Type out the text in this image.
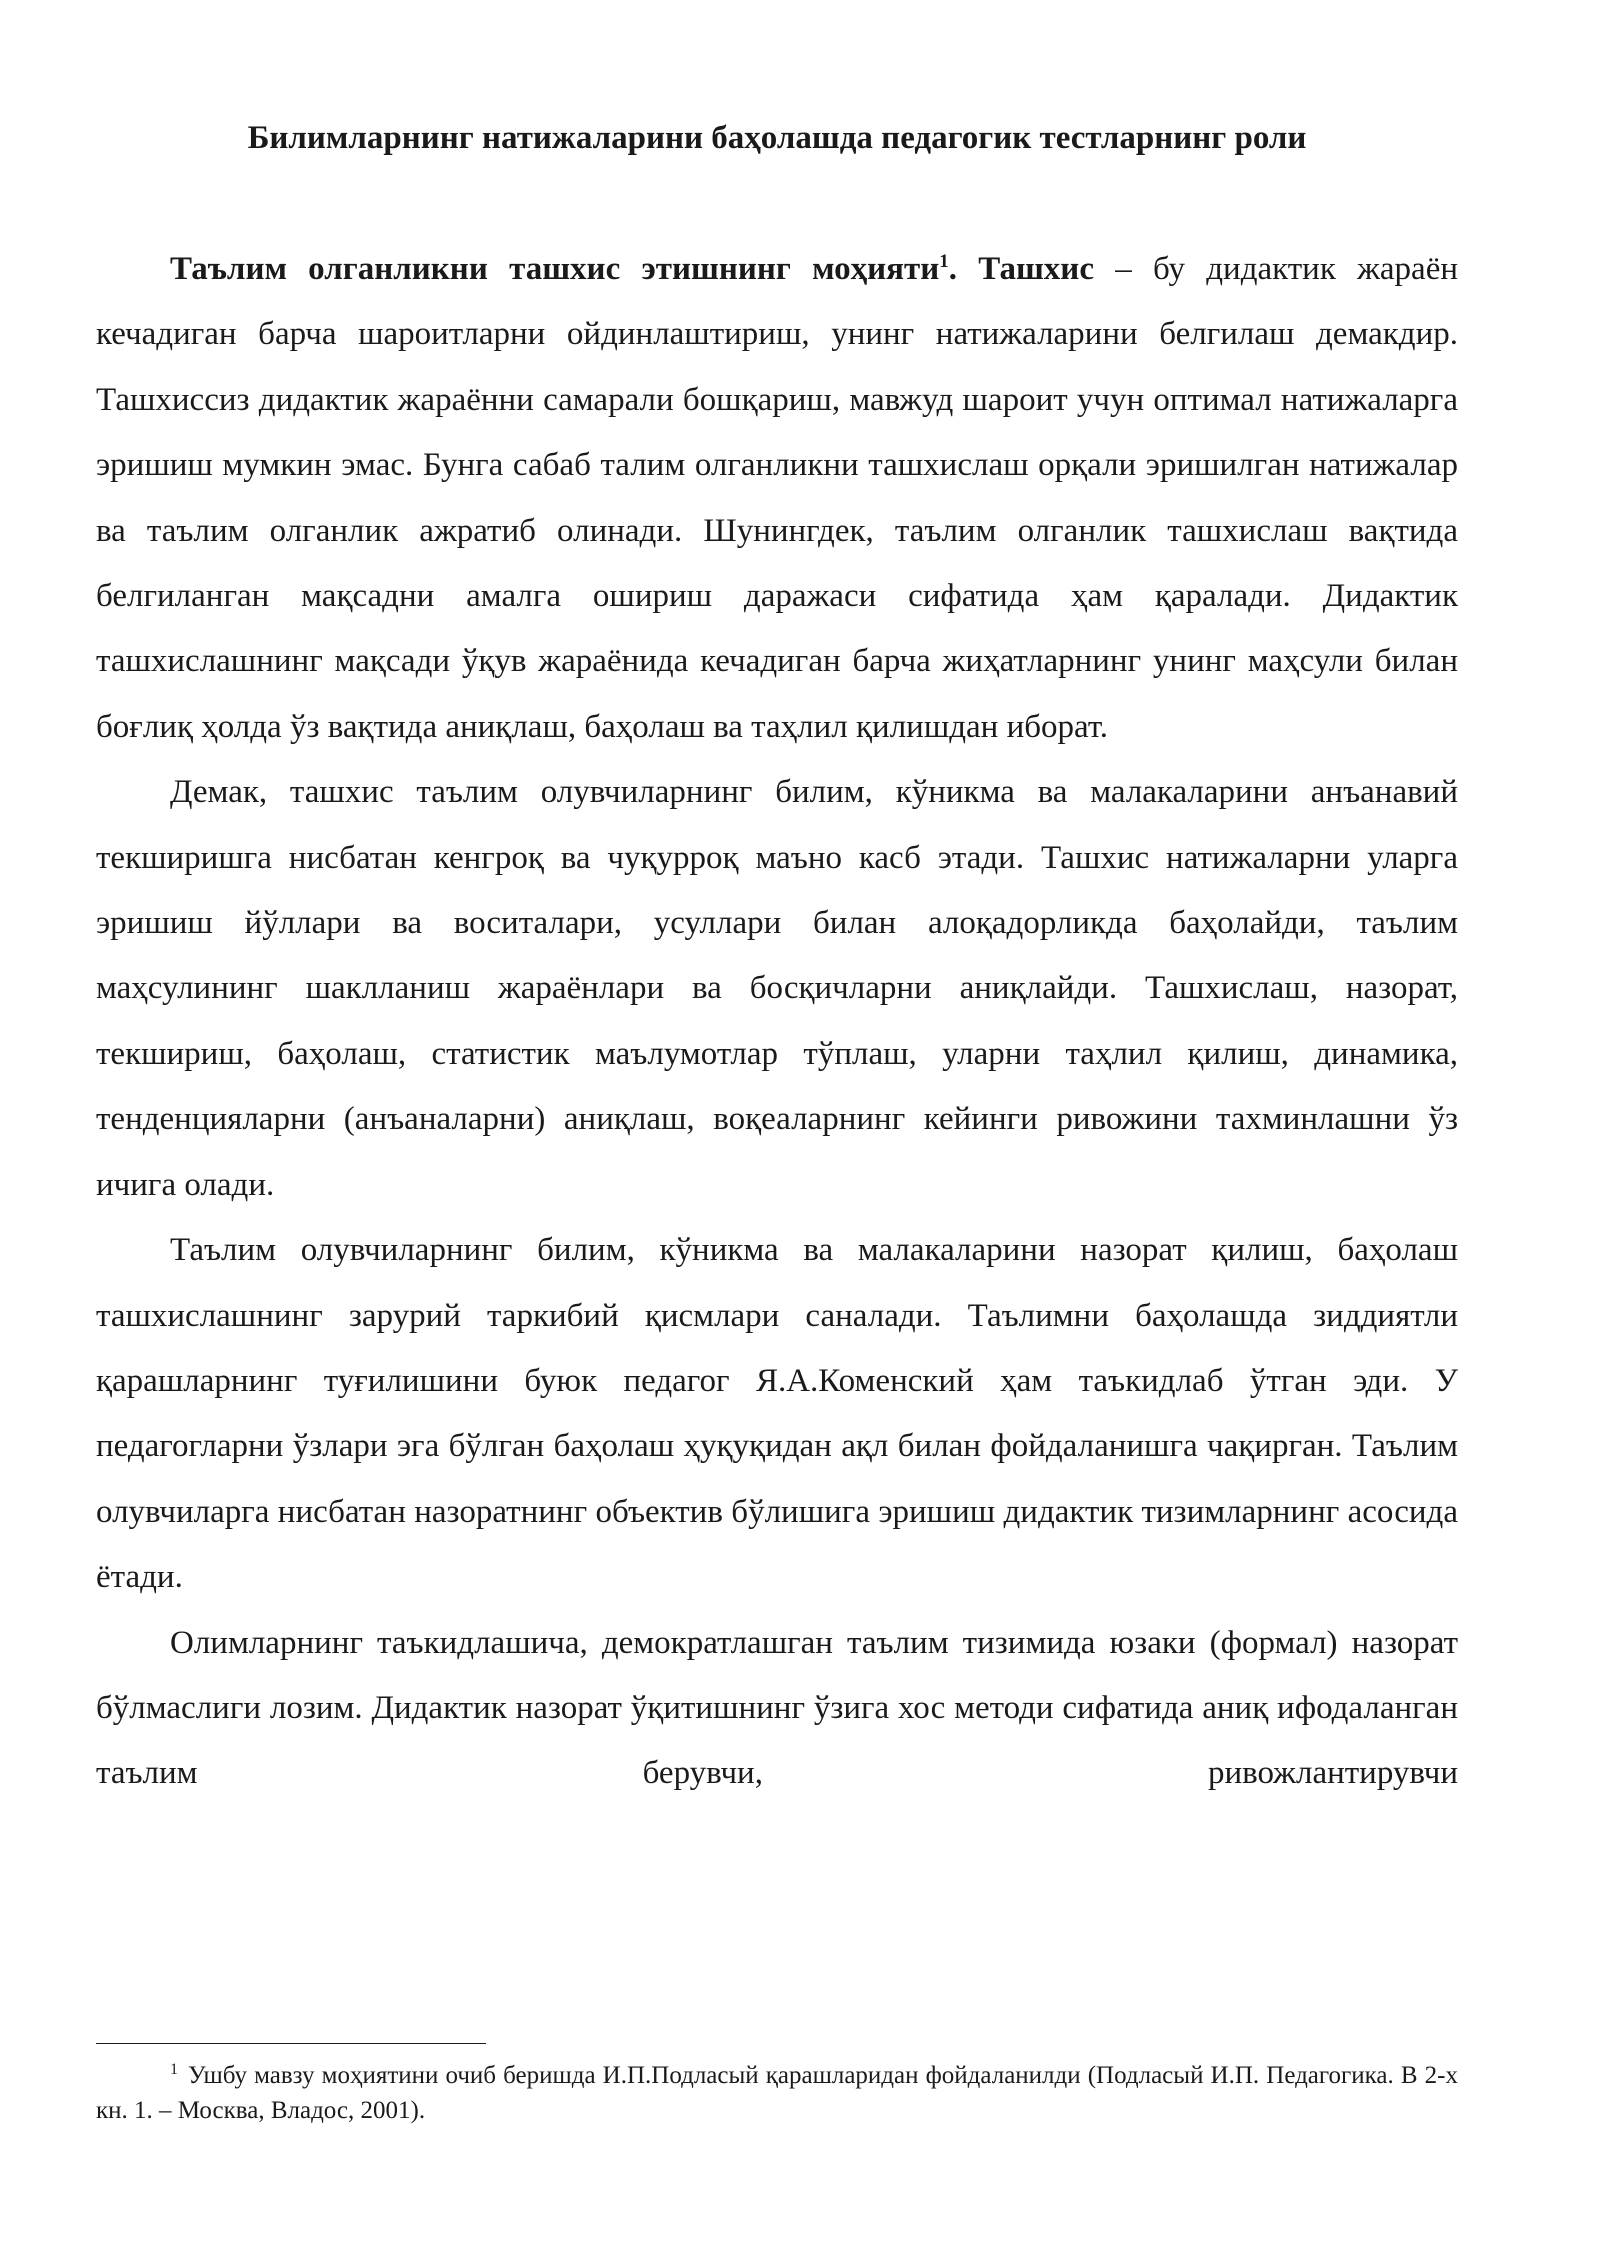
Билимларнинг натижаларини баҳолашда педагогик тестларнинг роли

Таълим олганликни ташхис этишнинг моҳияти$^1$. Ташхис – бу дидактик жараён кечадиган барча шароитларни ойдинлаштириш, унинг натижаларини белгилаш демакдир. Ташхиссиз дидактик жараённи самарали бошқариш, мавжуд шароит учун оптимал натижаларга эришиш мумкин эмас. Бунга сабаб талим олганликни ташхислаш орқали эришилган натижалар ва таълим олганлик ажратиб олинади. Шунингдек, таълим олганлик ташхислаш вақтида белгиланган мақсадни амалга ошириш даражаси сифатида ҳам қаралади. Дидактик ташхислашнинг мақсади ўқув жараёнида кечадиган барча жиҳатларнинг унинг маҳсули билан боғлиқ ҳолда ўз вақтида аниқлаш, баҳолаш ва таҳлил қилишдан иборат.

Демак, ташхис таълим олувчиларнинг билим, кўникма ва малакаларини анъанавий текширишга нисбатан кенгроқ ва чуқурроқ маъно касб этади. Ташхис натижаларни уларга эришиш йўллари ва воситалари, усуллари билан алоқадорликда баҳолайди, таълим маҳсулининг шаклланиш жараёнлари ва босқичларни аниқлайди. Ташхислаш, назорат, текшириш, баҳолаш, статистик маълумотлар тўплаш, уларни таҳлил қилиш, динамика, тенденцияларни (анъаналарни) аниқлаш, воқеаларнинг кейинги ривожини тахминлашни ўз ичига олади.

Таълим олувчиларнинг билим, кўникма ва малакаларини назорат қилиш, баҳолаш ташхислашнинг зарурий таркибий қисмлари саналади. Таълимни баҳолашда зиддиятли қарашларнинг туғилишини буюк педагог Я.А.Коменский ҳам таъкидлаб ўтган эди. У педагогларни ўзлари эга бўлган баҳолаш ҳуқуқидан ақл билан фойдаланишга чақирган. Таълим олувчиларга нисбатан назоратнинг объектив бўлишига эришиш дидактик тизимларнинг асосида ётади.

Олимларнинг таъкидлашича, демократлашган таълим тизимида юзаки (формал) назорат бўлмаслиги лозим. Дидактик назорат ўқитишнинг ўзига хос методи сифатида аниқ ифодаланган таълим берувчи, ривожлантирувчи

$^1$ Ушбу мавзу моҳиятини очиб беришда И.П.Подласый қарашларидан фойдаланилди (Подласый И.П. Педагогика. В 2-х кн. 1. – Москва, Владос, 2001).
